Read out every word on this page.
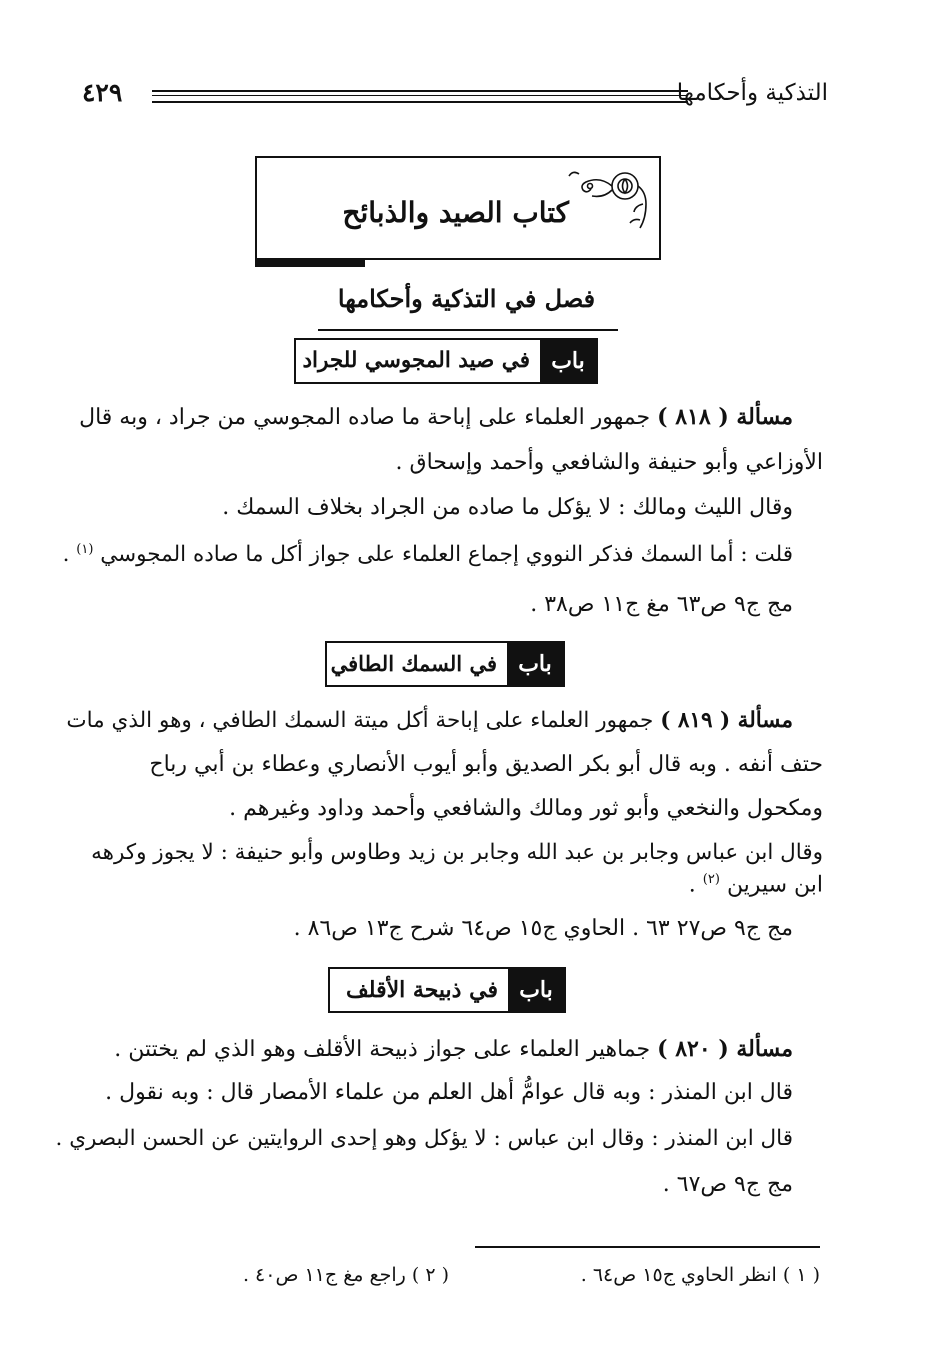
التذكية وأحكامها
٤٢٩
كتاب الصيد والذبائح
فصل في التذكية وأحكامها
باب
في صيد المجوسي للجراد
مسألة ( ٨١٨ ) جمهور العلماء على إباحة ما صاده المجوسي من جراد ، وبه قال
الأوزاعي وأبو حنيفة والشافعي وأحمد وإسحاق .
وقال الليث ومالك : لا يؤكل ما صاده من الجراد بخلاف السمك .
قلت : أما السمك فذكر النووي إجماع العلماء على جواز أكل ما صاده المجوسي $^{(١)}$ .
مج ج٩ ص٦٣ مغ ج١١ ص٣٨ .
باب
في السمك الطافي
مسألة ( ٨١٩ ) جمهور العلماء على إباحة أكل ميتة السمك الطافي ، وهو الذي مات
حتف أنفه . وبه قال أبو بكر الصديق وأبو أيوب الأنصاري وعطاء بن أبي رباح
ومكحول والنخعي وأبو ثور ومالك والشافعي وأحمد وداود وغيرهم .
وقال ابن عباس وجابر بن عبد الله وجابر بن زيد وطاوس وأبو حنيفة : لا يجوز وكرهه
ابن سيرين $^{(٢)}$ .
مج ج٩ ص٢٧ ٦٣ . الحاوي ج١٥ ص٦٤ شرح ج١٣ ص٨٦ .
باب
في ذبيحة الأقلف
مسألة ( ٨٢٠ ) جماهير العلماء على جواز ذبيحة الأقلف وهو الذي لم يختتن .
قال ابن المنذر : وبه قال عوامُّ أهل العلم من علماء الأمصار قال : وبه نقول .
قال ابن المنذر : وقال ابن عباس : لا يؤكل وهو إحدى الروايتين عن الحسن البصري .
مج ج٩ ص٦٧ .
( ١ ) انظر الحاوي ج١٥ ص٦٤ .
( ٢ ) راجع مغ ج١١ ص٤٠ .
